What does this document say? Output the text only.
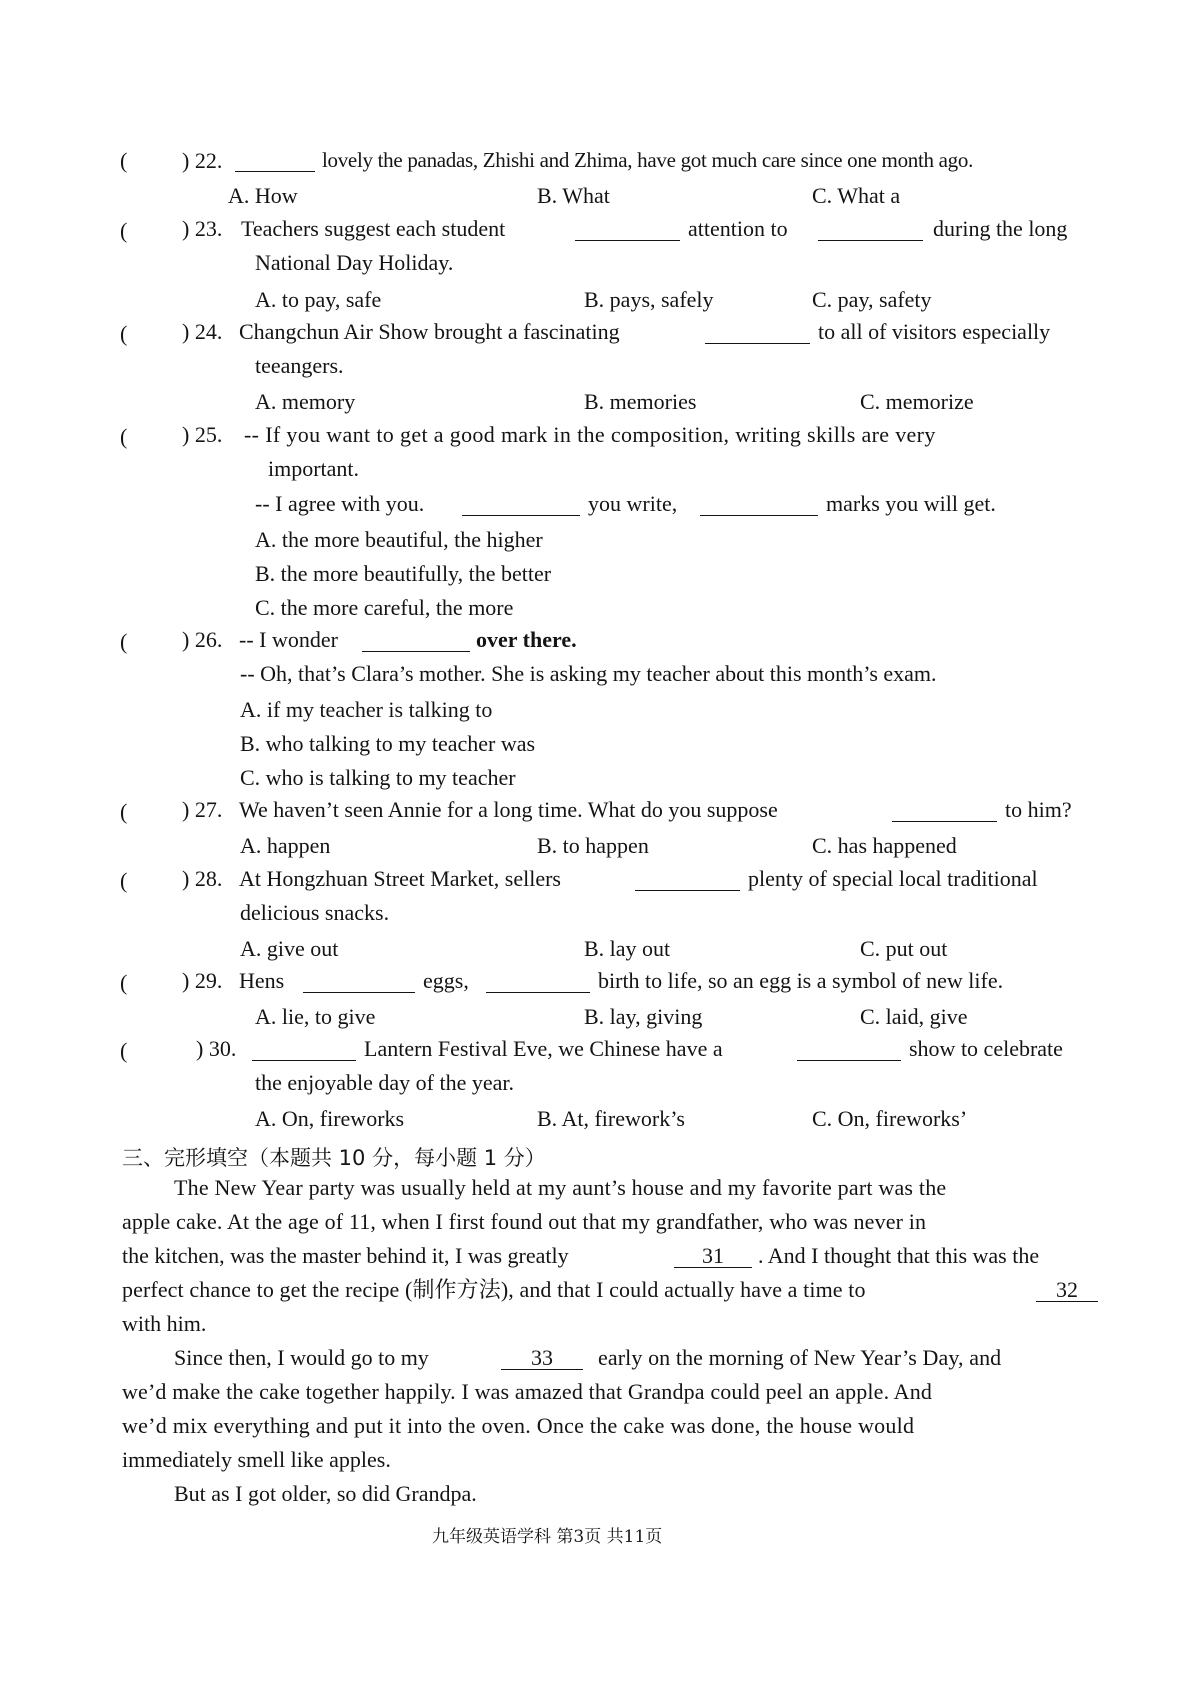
( ) 22.	lovely the panadas, Zhishi and Zhima, have got much care since one month ago.
A. How	B. What	C. What a
( ) 23. Teachers suggest each student	attention to	during the long
National Day Holiday.
A. to pay, safe	B. pays, safely	C. pay, safety
( ) 24. Changchun Air Show brought a fascinating	to all of visitors especially
teeangers.
A. memory	B. memories	C. memorize
( ) 25. -- If you want to get a good mark in the composition, writing skills are very
important.
-- I agree with you.	you write,	marks you will get.
A. the more beautiful, the higher
B. the more beautifully, the better
C. the more careful, the more
( ) 26. -- I wonder	over there.
-- Oh, that’s Clara’s mother. She is asking my teacher about this month’s exam.
A. if my teacher is talking to
B. who talking to my teacher was
C. who is talking to my teacher
( ) 27. We haven’t seen Annie for a long time. What do you suppose	to him?
A. happen	B. to happen	C. has happened
( ) 28. At Hongzhuan Street Market, sellers	plenty of special local traditional
delicious snacks.
A. give out	B. lay out	C. put out
( ) 29. Hens	eggs,	birth to life, so an egg is a symbol of new life.
A. lie, to give	B. lay, giving	C. laid, give
(	) 30.	Lantern Festival Eve, we Chinese have a	show to celebrate
the enjoyable day of the year.
A. On, fireworks	B. At, firework’s	C. On, fireworks’
三、完形填空（本题共 10 分，每小题 1 分）
The New Year party was usually held at my aunt’s house and my favorite part was the
apple cake. At the age of 11, when I first found out that my grandfather, who was never in
the kitchen, was the master behind it, I was greatly	31	. And I thought that this was the
perfect chance to get the recipe (制作方法), and that I could actually have a time to	32
with him.
Since then, I would go to my	33	early on the morning of New Year’s Day, and
we’d make the cake together happily. I was amazed that Grandpa could peel an apple. And
we’d mix everything and put it into the oven. Once the cake was done, the house would
immediately smell like apples.
But as I got older, so did Grandpa.
九年级英语学科 第3页 共11页
